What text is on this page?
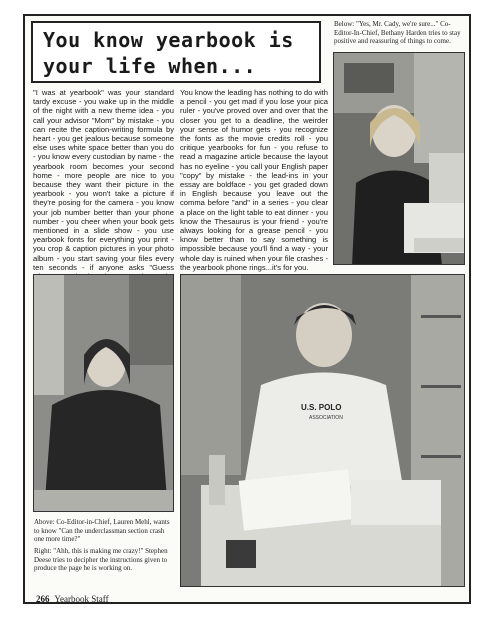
You know yearbook is
your life when...
"I was at yearbook" was your standard tardy excuse - you wake up in the middle of the night with a new theme idea - you call your advisor "Mom" by mistake - you can recite the caption-writing formula by heart - you get jealous because someone else uses white space better than you do - you know every custodian by name - the yearbook room becomes your second home - more people are nice to you because they want their picture in the yearbook - you won't take a picture if they're posing for the camera - you know your job number better than your phone number - you cheer when your book gets mentioned in a slide show - you use yearbook fonts for everything you print - you crop & caption pictures in your photo album - you start saving your files every ten seconds - if anyone asks "Guess
You know the leading has nothing to do with a pencil - you get mad if you lose your pica ruler - you've proved over and over that the closer you get to a deadline, the weirder your sense of humor gets - you recognize the fonts as the movie credits roll - you critique yearbooks for fun - you refuse to read a magazine article because the layout has no eyeline - you call your English paper "copy" by mistake - the lead-ins in your essay are boldface - you get graded down in English because you leave out the comma before "and" in a series - you clear a place on the light table to eat dinner - you know the Thesaurus is your friend - you're always looking for a grease pencil - you know better than to say something is impossible because you'll find a way - your whole day is ruined when your file crashes - the yearbook phone rings...it's for you.
Below: "Yes, Mr. Cady, we're sure..." Co-Editor-In-Chief, Bethany Harden tries to stay positive and reassuring of things to come.
U.S. POLO
ASSOCIATION
Above: Co-Editor-in-Chief, Lauren Mehl, wants to know "Can the underclassman section crash one more time?"
Right: "Ahh, this is making me crazy!" Stephen Deese tries to decipher the instructions given to produce the page he is working on.
266 Yearbook Staff
